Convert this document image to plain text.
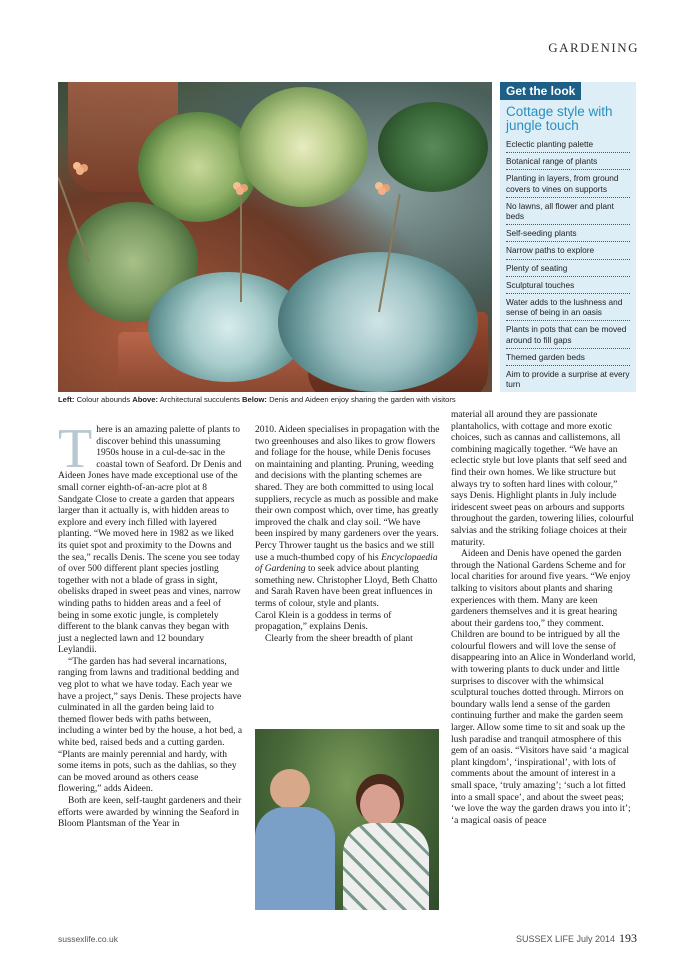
GARDENING
Get the look
Cottage style with jungle touch
Eclectic planting palette
Botanical range of plants
Planting in layers, from ground covers to vines on supports
No lawns, all flower and plant beds
Self-seeding plants
Narrow paths to explore
Plenty of seating
Sculptural touches
Water adds to the lushness and sense of being in an oasis
Plants in pots that can be moved around to fill gaps
Themed garden beds
Aim to provide a surprise at every turn
Left: Colour abounds Above: Architectural succulents Below: Denis and Aideen enjoy sharing the garden with visitors

There is an amazing palette of plants to discover behind this unassuming 1950s house in a cul-de-sac in the coastal town of Seaford. Dr Denis and Aideen Jones have made exceptional use of the small corner eighth-of-an-acre plot at 8 Sandgate Close to create a garden that appears larger than it actually is, with hidden areas to explore and every inch filled with layered planting. “We moved here in 1982 as we liked its quiet spot and proximity to the Downs and the sea,” recalls Denis. The scene you see today of over 500 different plant species jostling together with not a blade of grass in sight, obelisks draped in sweet peas and vines, narrow winding paths to hidden areas and a feel of being in some exotic jungle, is completely different to the blank canvas they began with just a neglected lawn and 12 boundary Leylandii.

“The garden has had several incarnations, ranging from lawns and traditional bedding and veg plot to what we have today. Each year we have a project,” says Denis. These projects have culminated in all the garden being laid to themed flower beds with paths between, including a winter bed by the house, a hot bed, a white bed, raised beds and a cutting garden. “Plants are mainly perennial and hardy, with some items in pots, such as the dahlias, so they can be moved around as others cease flowering,” adds Aideen.

Both are keen, self-taught gardeners and their efforts were awarded by winning the Seaford in Bloom Plantsman of the Year in

2010. Aideen specialises in propagation with the two greenhouses and also likes to grow flowers and foliage for the house, while Denis focuses on maintaining and planting. Pruning, weeding and decisions with the planting schemes are shared. They are both committed to using local suppliers, recycle as much as possible and make their own compost which, over time, has greatly improved the chalk and clay soil. “We have been inspired by many gardeners over the years. Percy Thrower taught us the basics and we still use a much-thumbed copy of his Encyclopaedia of Gardening to seek advice about planting something new. Christopher Lloyd, Beth Chatto and Sarah Raven have been great influences in terms of colour, style and plants.

Carol Klein is a goddess in terms of propagation,” explains Denis.

Clearly from the sheer breadth of plant

material all around they are passionate plantaholics, with cottage and more exotic choices, such as cannas and callistemons, all combining magically together. “We have an eclectic style but love plants that self seed and find their own homes. We like structure but always try to soften hard lines with colour,” says Denis. Highlight plants in July include iridescent sweet peas on arbours and supports throughout the garden, towering lilies, colourful salvias and the striking foliage choices at their maturity.

Aideen and Denis have opened the garden through the National Gardens Scheme and for local charities for around five years. “We enjoy talking to visitors about plants and sharing experiences with them. Many are keen gardeners themselves and it is great hearing about their gardens too,” they comment. Children are bound to be intrigued by all the colourful flowers and will love the sense of disappearing into an Alice in Wonderland world, with towering plants to duck under and little surprises to discover with the whimsical sculptural touches dotted through. Mirrors on boundary walls lend a sense of the garden continuing further and make the garden seem larger. Allow some time to sit and soak up the lush paradise and tranquil atmosphere of this gem of an oasis. “Visitors have said ‘a magical plant kingdom’, ‘inspirational’, with lots of comments about the amount of interest in a small space, ‘truly amazing’; ‘such a lot fitted into a small space’, and about the sweet peas; ‘we love the way the garden draws you into it’; ‘a magical oasis of peace

sussexlife.co.uk	SUSSEX LIFE July 2014 193
